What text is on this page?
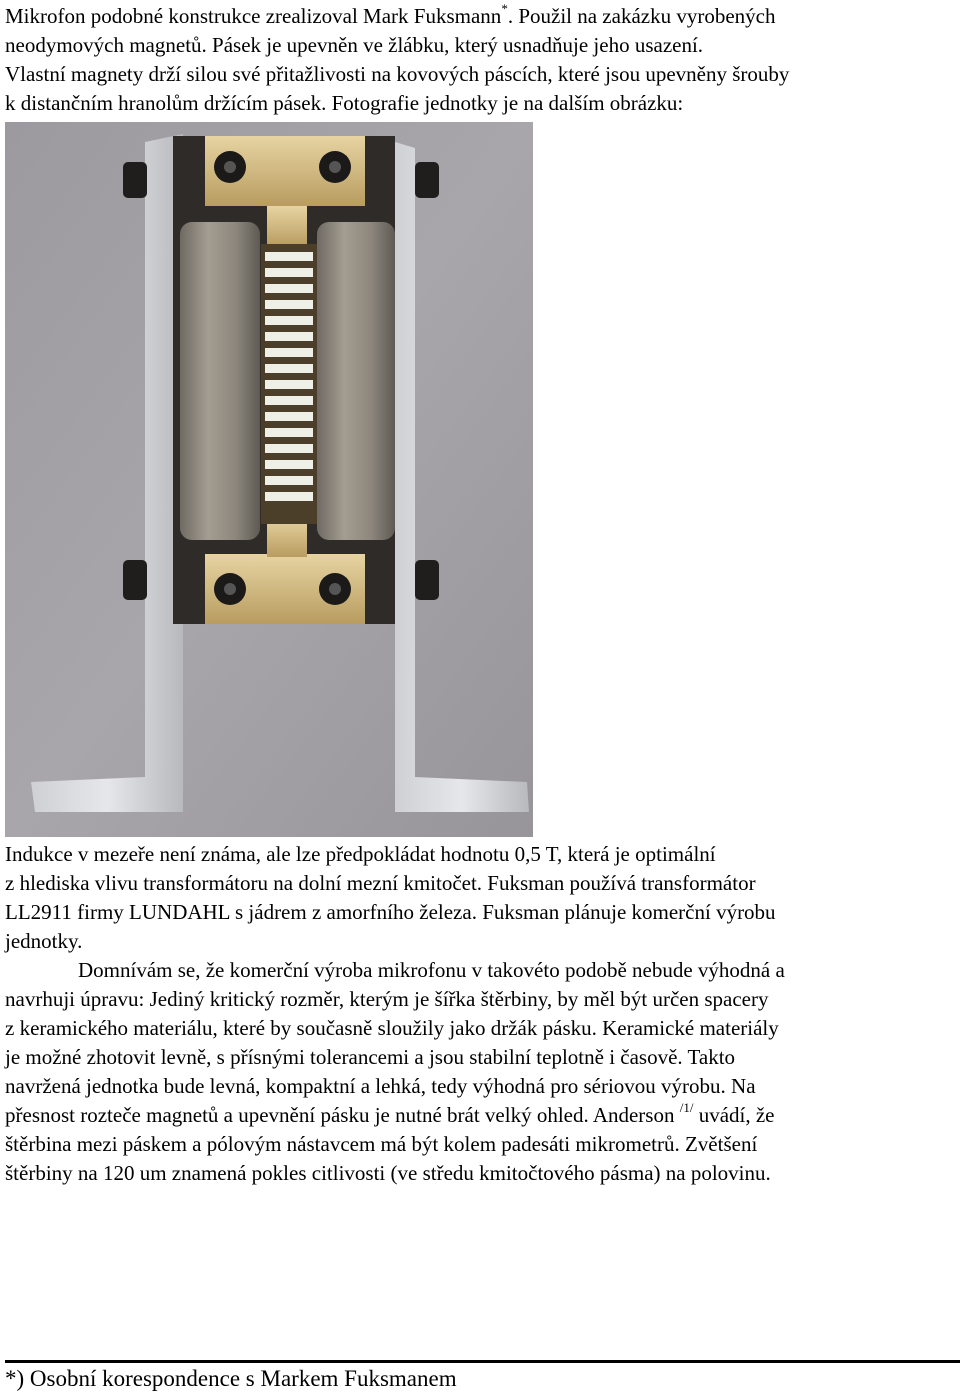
Mikrofon podobné konstrukce zrealizoval Mark Fuksmann*. Použil na zakázku vyrobených
neodymových magnetů. Pásek je upevněn ve žlábku, který usnadňuje jeho usazení.
Vlastní magnety drží silou své přitažlivosti na kovových páscích, které jsou upevněny šrouby
k distančním hranolům držícím pásek. Fotografie jednotky je na dalším obrázku:
Indukce v mezeře není známa, ale lze předpokládat hodnotu 0,5 T, která je optimální
z hlediska vlivu transformátoru na dolní mezní kmitočet. Fuksman používá transformátor
LL2911 firmy LUNDAHL s jádrem z amorfního železa. Fuksman plánuje komerční výrobu
jednotky.
Domnívám se, že komerční výroba mikrofonu v takovéto podobě nebude výhodná a
navrhuji úpravu: Jediný kritický rozměr, kterým je šířka štěrbiny, by měl být určen spacery
z keramického materiálu, které by současně sloužily jako držák pásku. Keramické materiály
je možné zhotovit levně, s přísnými tolerancemi a jsou stabilní teplotně i časově. Takto
navržená jednotka bude levná, kompaktní a lehká, tedy výhodná pro sériovou výrobu. Na
přesnost rozteče magnetů a upevnění pásku je nutné brát velký ohled. Anderson $^{/1/}$ uvádí, že
štěrbina mezi páskem a pólovým nástavcem má být kolem padesáti mikrometrů. Zvětšení
štěrbiny na 120 um znamená pokles citlivosti (ve středu kmitočtového pásma) na polovinu.
*) Osobní korespondence s Markem Fuksmanem
